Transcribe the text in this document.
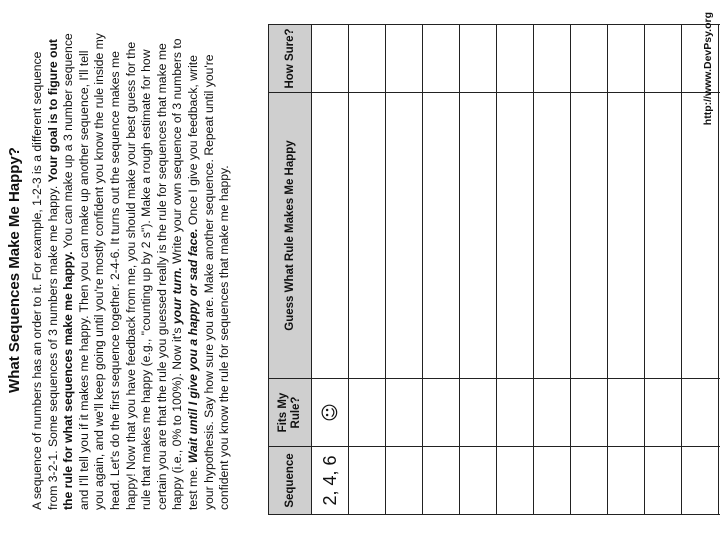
What Sequences Make Me Happy? A sequence of numbers has an order to it. For example, 1-2-3 is a different sequence from 3-2-1. Some sequences of 3 numbers make me happy. Your goal is to figure out the rule for what sequences make me happy. You can make up a 3 number sequence and I'll tell you if it makes me happy. Then you can make up another sequence, I'll tell you again, and we'll keep going until you're mostly confident you know the rule inside my head. Let's do the first sequence together. 2-4-6. It turns out the sequence makes me happy! Now that you have feedback from me, you should make your best guess for the rule that makes me happy (e.g., "counting up by 2 s"). Make a rough estimate for how certain you are that the rule you guessed really is the rule for sequences that make me happy (i.e., 0% to 100%). Now it's your turn. Write your own sequence of 3 numbers to test me. Wait until I give you a happy or sad face. Once I give you feedback, write your hypothesis. Say how sure you are. Make another sequence. Repeat until you're confident you know the rule for sequences that make me happy.	Sequence	Fits My Rule?	Guess What Rule Makes Me Happy	How Sure?
2, 4, 6	☺		

http://www.DevPsy.org
